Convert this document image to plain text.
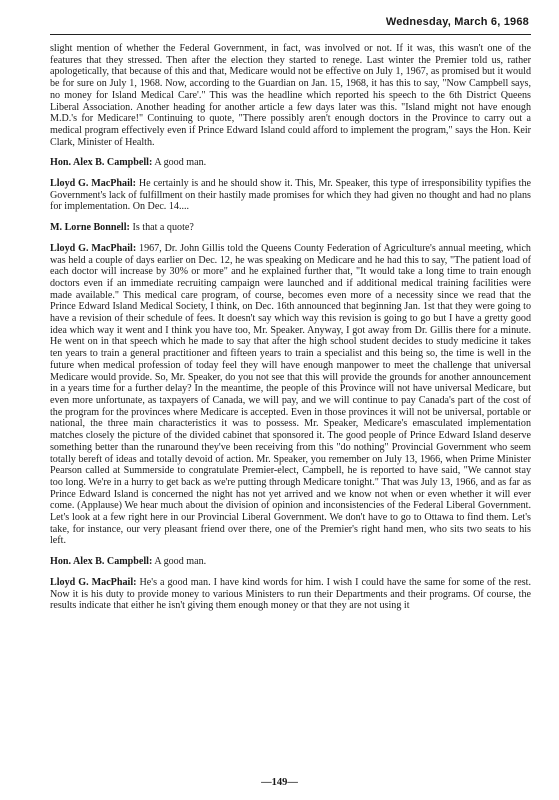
Wednesday, March 6, 1968

slight mention of whether the Federal Government, in fact, was involved or not. If it was, this wasn't one of the features that they stressed. Then after the election they started to renege. Last winter the Premier told us, rather apologetically, that because of this and that, Medicare would not be effective on July 1, 1967, as promised but it would be for sure on July 1, 1968. Now, according to the Guardian on Jan. 15, 1968, it has this to say, "Now Campbell says, no money for Island Medical Care'." This was the headline which reported his speech to the 6th District Queens Liberal Association. Another heading for another article a few days later was this. "Island might not have enough M.D.'s for Medicare!" Continuing to quote, "There possibly aren't enough doctors in the Province to carry out a medical program effectively even if Prince Edward Island could afford to implement the program," says the Hon. Keir Clark, Minister of Health.

Hon. Alex B. Campbell: A good man.

Lloyd G. MacPhail: He certainly is and he should show it. This, Mr. Speaker, this type of irresponsibility typifies the Government's lack of fulfillment on their hastily made promises for which they had given no thought and had no plans for implementation. On Dec. 14....

M. Lorne Bonnell: Is that a quote?

Lloyd G. MacPhail: 1967, Dr. John Gillis told the Queens County Federation of Agriculture's annual meeting, which was held a couple of days earlier on Dec. 12, he was speaking on Medicare and he had this to say, "The patient load of each doctor will increase by 30% or more" and he explained further that, "It would take a long time to train enough doctors even if an immediate recruiting campaign were launched and if additional medical training facilities were made available." This medical care program, of course, becomes even more of a necessity since we read that the Prince Edward Island Medical Society, I think, on Dec. 16th announced that beginning Jan. 1st that they were going to have a revision of their schedule of fees. It doesn't say which way this revision is going to go but I have a gretty good idea which way it went and I think you have too, Mr. Speaker. Anyway, I got away from Dr. Gillis there for a minute. He went on in that speech which he made to say that after the high school student decides to study medicine it takes ten years to train a general practitioner and fifteen years to train a specialist and this being so, the time is well in the future when medical profession of today feel they will have enough manpower to meet the challenge that universal Medicare would provide. So, Mr. Speaker, do you not see that this will provide the grounds for another announcement in a years time for a further delay? In the meantime, the people of this Province will not have universal Medicare, but even more unfortunate, as taxpayers of Canada, we will pay, and we will continue to pay Canada's part of the cost of the program for the provinces where Medicare is accepted. Even in those provinces it will not be universal, portable or national, the three main characteristics it was to possess. Mr. Speaker, Medicare's emasculated implementation matches closely the picture of the divided cabinet that sponsored it. The good people of Prince Edward Island deserve something better than the runaround they've been receiving from this "do nothing" Provincial Government who seem totally bereft of ideas and totally devoid of action. Mr. Speaker, you remember on July 13, 1966, when Prime Minister Pearson called at Summerside to congratulate Premier-elect, Campbell, he is reported to have said, "We cannot stay too long. We're in a hurry to get back as we're putting through Medicare tonight." That was July 13, 1966, and as far as Prince Edward Island is concerned the night has not yet arrived and we know not when or even whether it will ever come. (Applause) We hear much about the division of opinion and inconsistencies of the Federal Liberal Government. Let's look at a few right here in our Provincial Liberal Government. We don't have to go to Ottawa to find them. Let's take, for instance, our very pleasant friend over there, one of the Premier's right hand men, who sits two seats to his left.

Hon. Alex B. Campbell: A good man.

Lloyd G. MacPhail: He's a good man. I have kind words for him. I wish I could have the same for some of the rest. Now it is his duty to provide money to various Ministers to run their Departments and their programs. Of course, the results indicate that either he isn't giving them enough money or that they are not using it

—149—
